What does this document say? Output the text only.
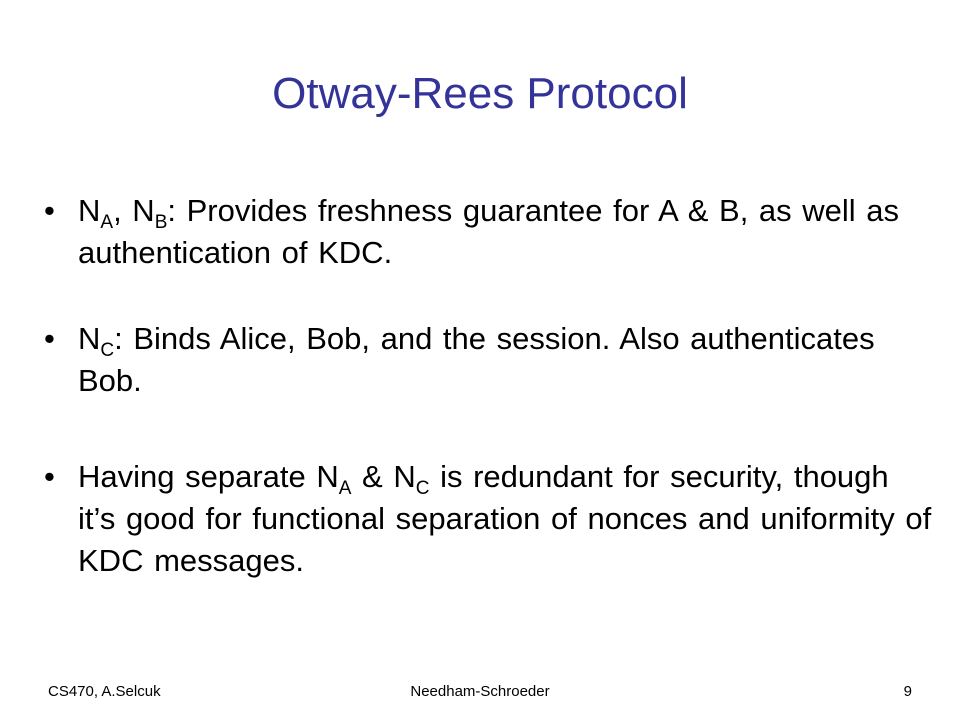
Otway-Rees Protocol
• $N_A$, $N_B$: Provides freshness guarantee for A & B, as well as authentication of KDC.
• $N_C$: Binds Alice, Bob, and the session. Also authenticates Bob.
• Having separate $N_A$ & $N_C$ is redundant for security, though it’s good for functional separation of nonces and uniformity of KDC messages.
CS470, A.Selcuk	Needham-Schroeder	9
